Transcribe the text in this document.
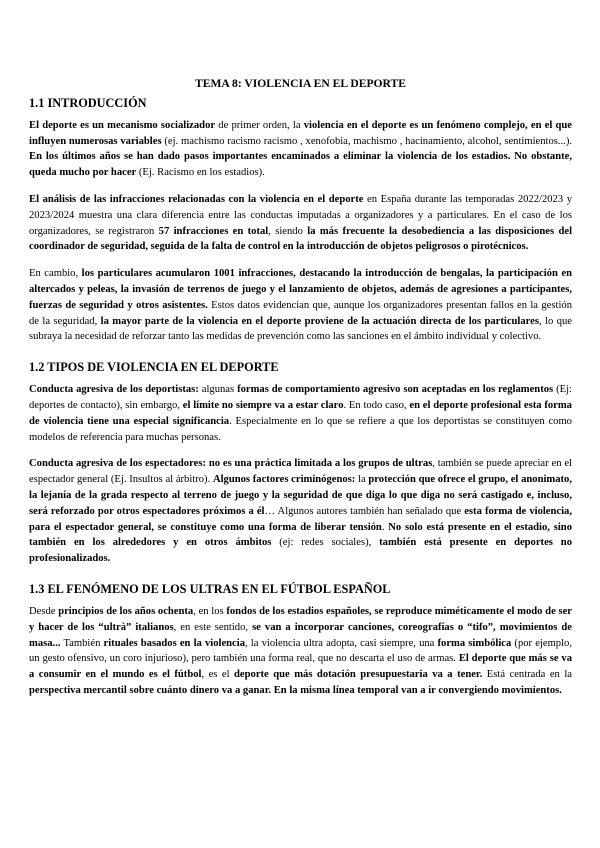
TEMA 8: VIOLENCIA EN EL DEPORTE
1.1 INTRODUCCIÓN

El deporte es un mecanismo socializador de primer orden, la violencia en el deporte es un fenómeno complejo, en el que influyen numerosas variables (ej. machismo racismo racismo , xenofobia, machismo , hacinamiento, alcohol, sentimientos...). En los últimos años se han dado pasos importantes encaminados a eliminar la violencia de los estadios. No obstante, queda mucho por hacer (Ej. Racismo en los estadios).

El análisis de las infracciones relacionadas con la violencia en el deporte en España durante las temporadas 2022/2023 y 2023/2024 muestra una clara diferencia entre las conductas imputadas a organizadores y a particulares. En el caso de los organizadores, se registraron 57 infracciones en total, siendo la más frecuente la desobediencia a las disposiciones del coordinador de seguridad, seguida de la falta de control en la introducción de objetos peligrosos o pirotécnicos.

En cambio, los particulares acumularon 1001 infracciones, destacando la introducción de bengalas, la participación en altercados y peleas, la invasión de terrenos de juego y el lanzamiento de objetos, además de agresiones a participantes, fuerzas de seguridad y otros asistentes. Estos datos evidencian que, aunque los organizadores presentan fallos en la gestión de la seguridad, la mayor parte de la violencia en el deporte proviene de la actuación directa de los particulares, lo que subraya la necesidad de reforzar tanto las medidas de prevención como las sanciones en el ámbito individual y colectivo.

1.2 TIPOS DE VIOLENCIA EN EL DEPORTE

Conducta agresiva de los deportistas: algunas formas de comportamiento agresivo son aceptadas en los reglamentos (Ej: deportes de contacto), sin embargo, el límite no siempre va a estar claro. En todo caso, en el deporte profesional esta forma de violencia tiene una especial significancia. Especialmente en lo que se refiere a que los deportistas se constituyen como modelos de referencia para muchas personas.

Conducta agresiva de los espectadores: no es una práctica limitada a los grupos de ultras, también se puede apreciar en el espectador general (Ej. Insultos al árbitro). Algunos factores criminógenos: la protección que ofrece el grupo, el anonimato, la lejanía de la grada respecto al terreno de juego y la seguridad de que diga lo que diga no será castigado e, incluso, será reforzado por otros espectadores próximos a él… Algunos autores también han señalado que esta forma de violencia, para el espectador general, se constituye como una forma de liberar tensión. No solo está presente en el estadio, sino también en los alrededores y en otros ámbitos (ej: redes sociales), también está presente en deportes no profesionalizados.

1.3 EL FENÓMENO DE LOS ULTRAS EN EL FÚTBOL ESPAÑOL

Desde principios de los años ochenta, en los fondos de los estadios españoles, se reproduce miméticamente el modo de ser y hacer de los “ultrà” italianos, en este sentido, se van a incorporar canciones, coreografías o “tifo”, movimientos de masa... También rituales basados en la violencia, la violencia ultra adopta, casi siempre, una forma simbólica (por ejemplo, un gesto ofensivo, un coro injurioso), pero también una forma real, que no descarta el uso de armas. El deporte que más se va a consumir en el mundo es el fútbol, es el deporte que más dotación presupuestaria va a tener. Está centrada en la perspectiva mercantil sobre cuánto dinero va a ganar. En la misma línea temporal van a ir convergiendo movimientos.
